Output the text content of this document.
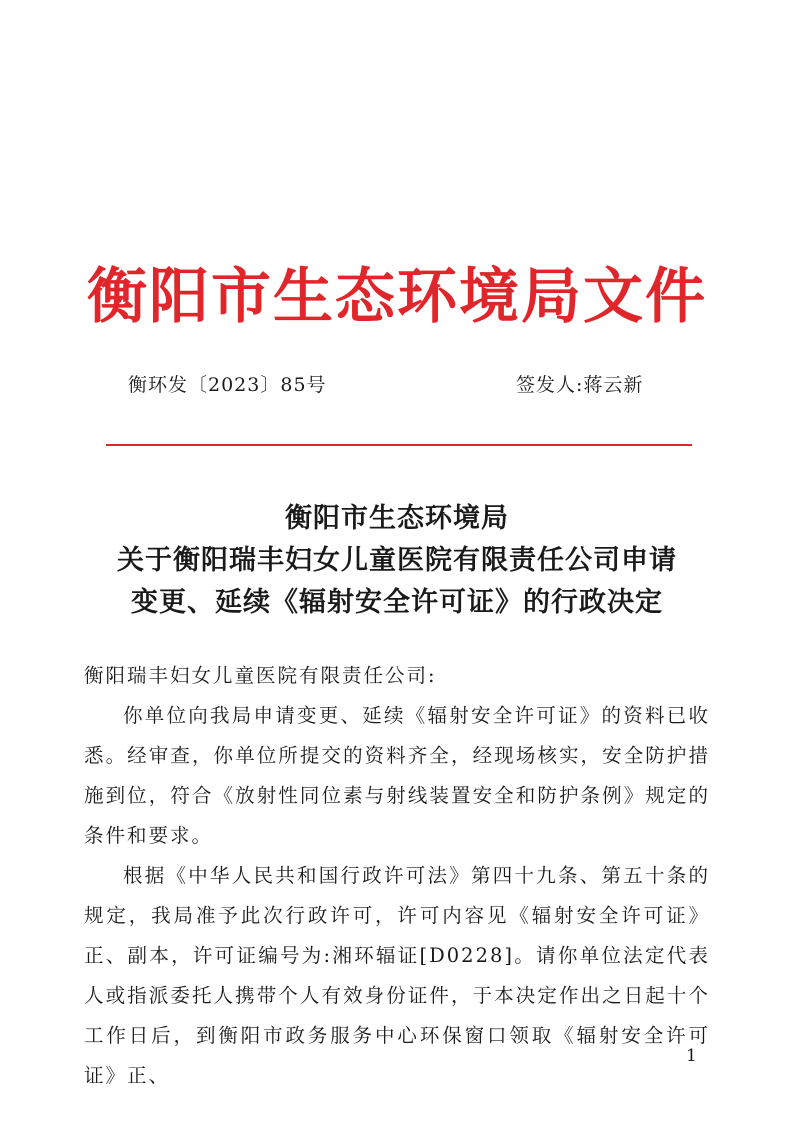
衡阳市生态环境局文件
衡环发〔2023〕85号	签发人:蒋云新
衡阳市生态环境局
关于衡阳瑞丰妇女儿童医院有限责任公司申请
变更、延续《辐射安全许可证》的行政决定

衡阳瑞丰妇女儿童医院有限责任公司:

你单位向我局申请变更、延续《辐射安全许可证》的资料已收悉。经审查，你单位所提交的资料齐全，经现场核实，安全防护措施到位，符合《放射性同位素与射线装置安全和防护条例》规定的条件和要求。

根据《中华人民共和国行政许可法》第四十九条、第五十条的规定，我局准予此次行政许可，许可内容见《辐射安全许可证》正、副本，许可证编号为:湘环辐证[D0228]。请你单位法定代表人或指派委托人携带个人有效身份证件，于本决定作出之日起十个工作日后，到衡阳市政务服务中心环保窗口领取《辐射安全许可证》正、

1
